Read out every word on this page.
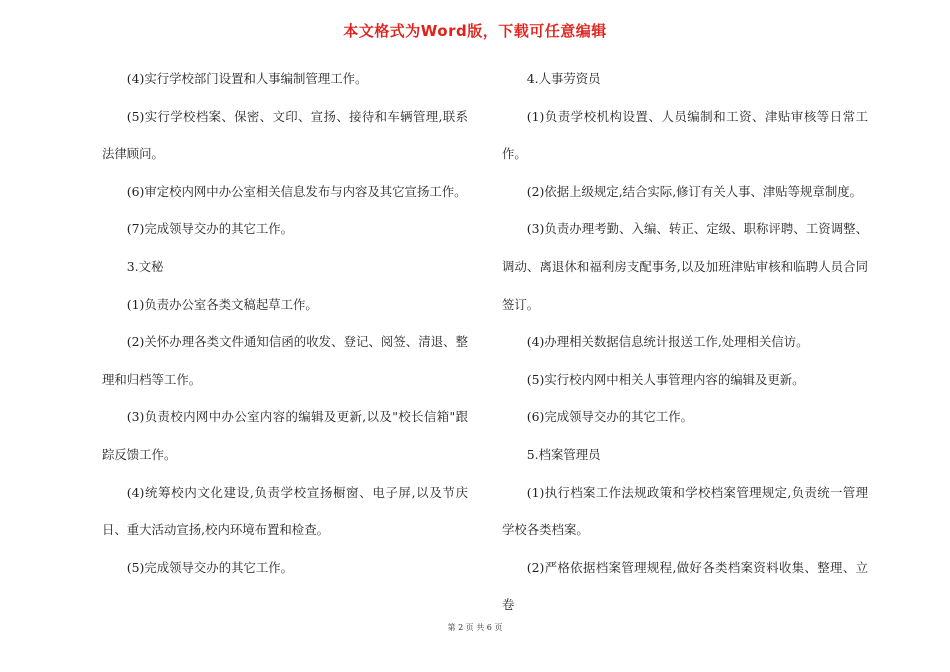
本文格式为Word版，下载可任意编辑

(4)实行学校部门设置和人事编制管理工作。

(5)实行学校档案、保密、文印、宣扬、接待和车辆管理,联系法律顾问。

(6)审定校内网中办公室相关信息发布与内容及其它宣扬工作。

(7)完成领导交办的其它工作。

3.文秘

(1)负责办公室各类文稿起草工作。

(2)关怀办理各类文件通知信函的收发、登记、阅签、清退、整理和归档等工作。

(3)负责校内网中办公室内容的编辑及更新,以及"校长信箱"跟踪反馈工作。

(4)统筹校内文化建设,负责学校宣扬橱窗、电子屏,以及节庆日、重大活动宣扬,校内环境布置和检查。

(5)完成领导交办的其它工作。

4.人事劳资员

(1)负责学校机构设置、人员编制和工资、津贴审核等日常工作。

(2)依据上级规定,结合实际,修订有关人事、津贴等规章制度。

(3)负责办理考勤、入编、转正、定级、职称评聘、工资调整、调动、离退休和福利房支配事务,以及加班津贴审核和临聘人员合同签订。

(4)办理相关数据信息统计报送工作,处理相关信访。

(5)实行校内网中相关人事管理内容的编辑及更新。

(6)完成领导交办的其它工作。

5.档案管理员

(1)执行档案工作法规政策和学校档案管理规定,负责统一管理学校各类档案。

(2)严格依据档案管理规程,做好各类档案资料收集、整理、立卷

第 2 页 共 6 页
